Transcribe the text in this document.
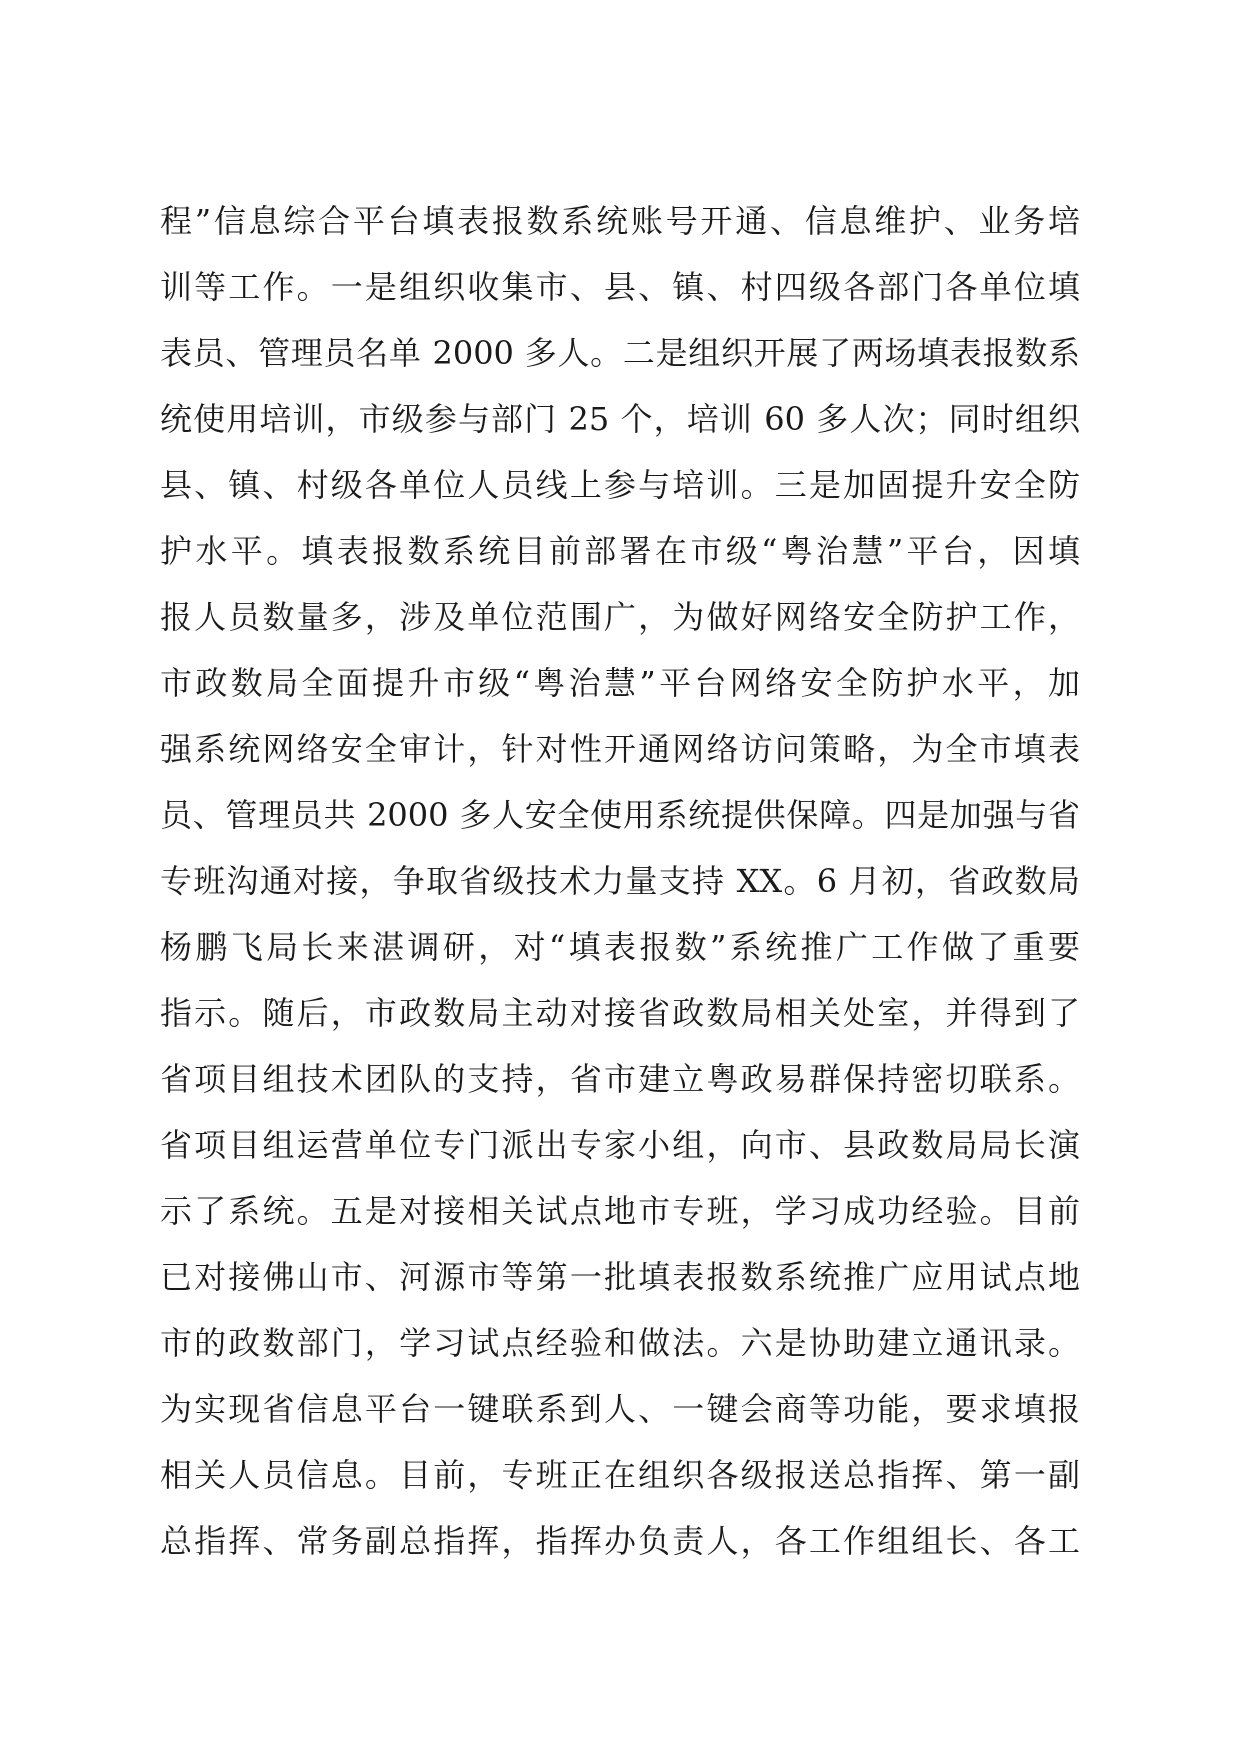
程”信息综合平台填表报数系统账号开通、信息维护、业务培
训等工作。一是组织收集市、县、镇、村四级各部门各单位填
表员、管理员名单 2000 多人。二是组织开展了两场填表报数系
统使用培训，市级参与部门 25 个，培训 60 多人次；同时组织
县、镇、村级各单位人员线上参与培训。三是加固提升安全防
护水平。填表报数系统目前部署在市级“粤治慧”平台，因填
报人员数量多，涉及单位范围广，为做好网络安全防护工作，
市政数局全面提升市级“粤治慧”平台网络安全防护水平，加
强系统网络安全审计，针对性开通网络访问策略，为全市填表
员、管理员共 2000 多人安全使用系统提供保障。四是加强与省
专班沟通对接，争取省级技术力量支持 XX。6 月初，省政数局
杨鹏飞局长来湛调研，对“填表报数”系统推广工作做了重要
指示。随后，市政数局主动对接省政数局相关处室，并得到了
省项目组技术团队的支持，省市建立粤政易群保持密切联系。
省项目组运营单位专门派出专家小组，向市、县政数局局长演
示了系统。五是对接相关试点地市专班，学习成功经验。目前
已对接佛山市、河源市等第一批填表报数系统推广应用试点地
市的政数部门，学习试点经验和做法。六是协助建立通讯录。
为实现省信息平台一键联系到人、一键会商等功能，要求填报
相关人员信息。目前，专班正在组织各级报送总指挥、第一副
总指挥、常务副总指挥，指挥办负责人，各工作组组长、各工
